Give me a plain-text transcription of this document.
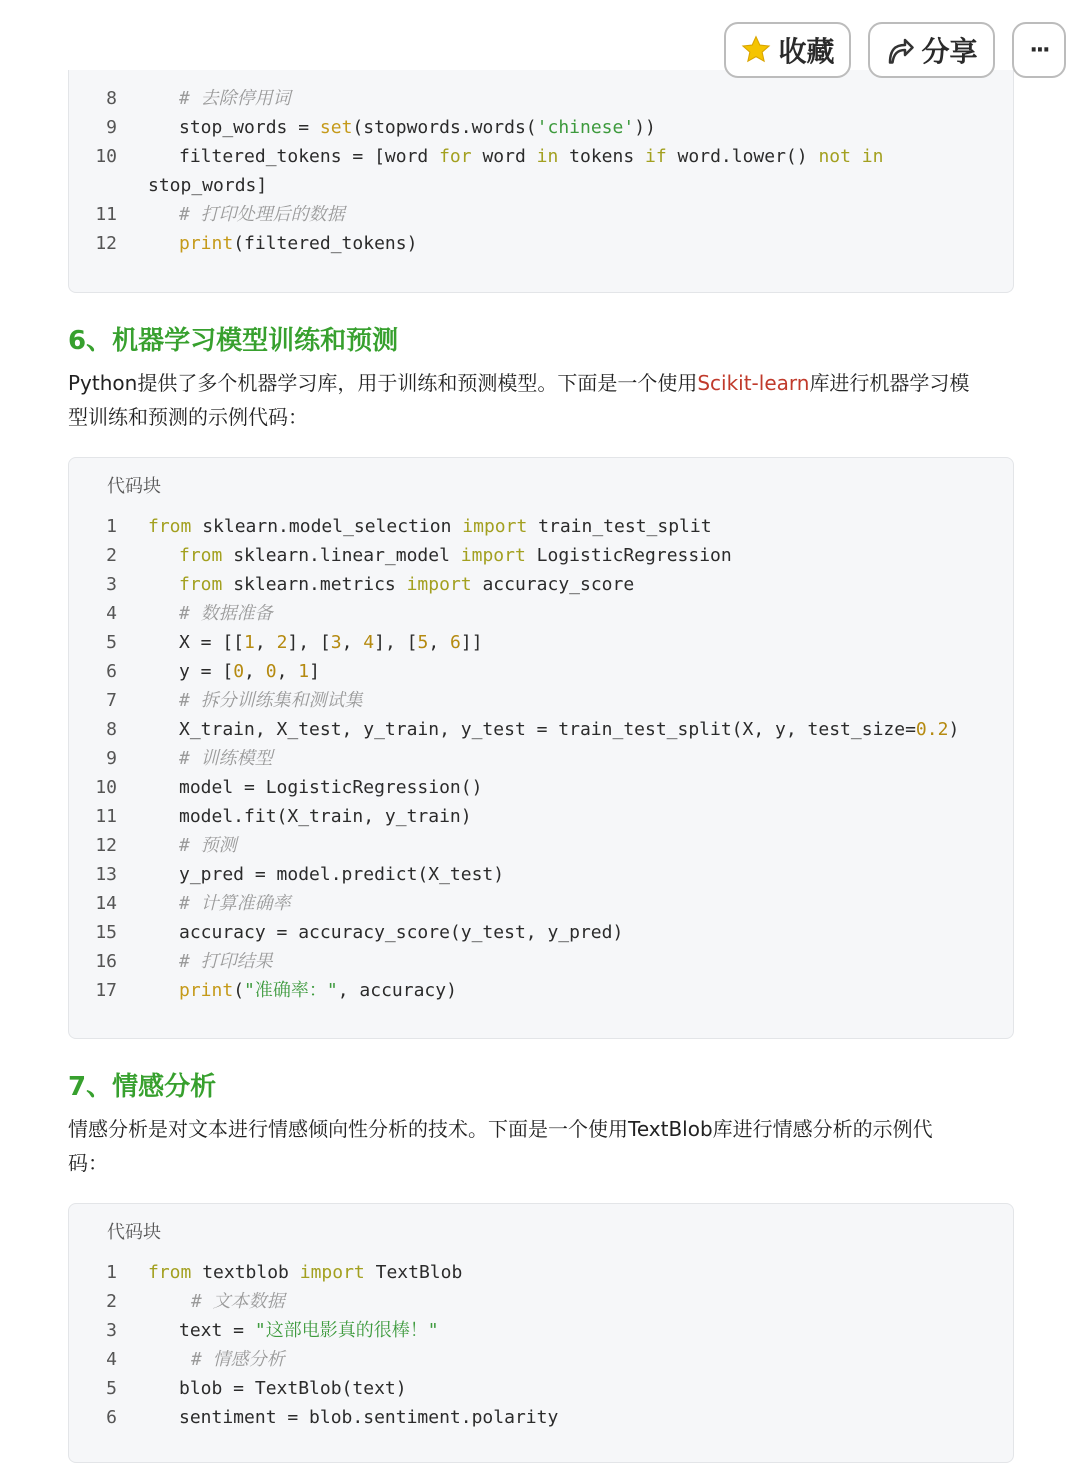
收藏	分享 ···
8	# 去除停用词
9	stop_words = set(stopwords.words('chinese'))
10	filtered_tokens = [word for word in tokens if word.lower() not in
stop_words]
11	# 打印处理后的数据
12	print(filtered_tokens)
6、机器学习模型训练和预测
Python提供了多个机器学习库，用于训练和预测模型。下面是一个使用Scikit-learn库进行机器学习模
型训练和预测的示例代码：
代码块
1 from sklearn.model_selection import train_test_split
2	from sklearn.linear_model import LogisticRegression
3	from sklearn.metrics import accuracy_score
4	# 数据准备
5	X = [[1, 2], [3, 4], [5, 6]]
6	y = [0, 0, 1]
7	# 拆分训练集和测试集
8	X_train, X_test, y_train, y_test = train_test_split(X, y, test_size=0.2)
9	# 训练模型
10	model = LogisticRegression()
11	model.fit(X_train, y_train)
12	# 预测
13	y_pred = model.predict(X_test)
14	# 计算准确率
15	accuracy = accuracy_score(y_test, y_pred)
16	# 打印结果
17	print("准确率：", accuracy)
7、情感分析
情感分析是对文本进行情感倾向性分析的技术。下面是一个使用TextBlob库进行情感分析的示例代
码：
代码块
1 from textblob import TextBlob
2	# 文本数据
3	text = "这部电影真的很棒！"
4	# 情感分析
5	blob = TextBlob(text)
6	sentiment = blob.sentiment.polarity
